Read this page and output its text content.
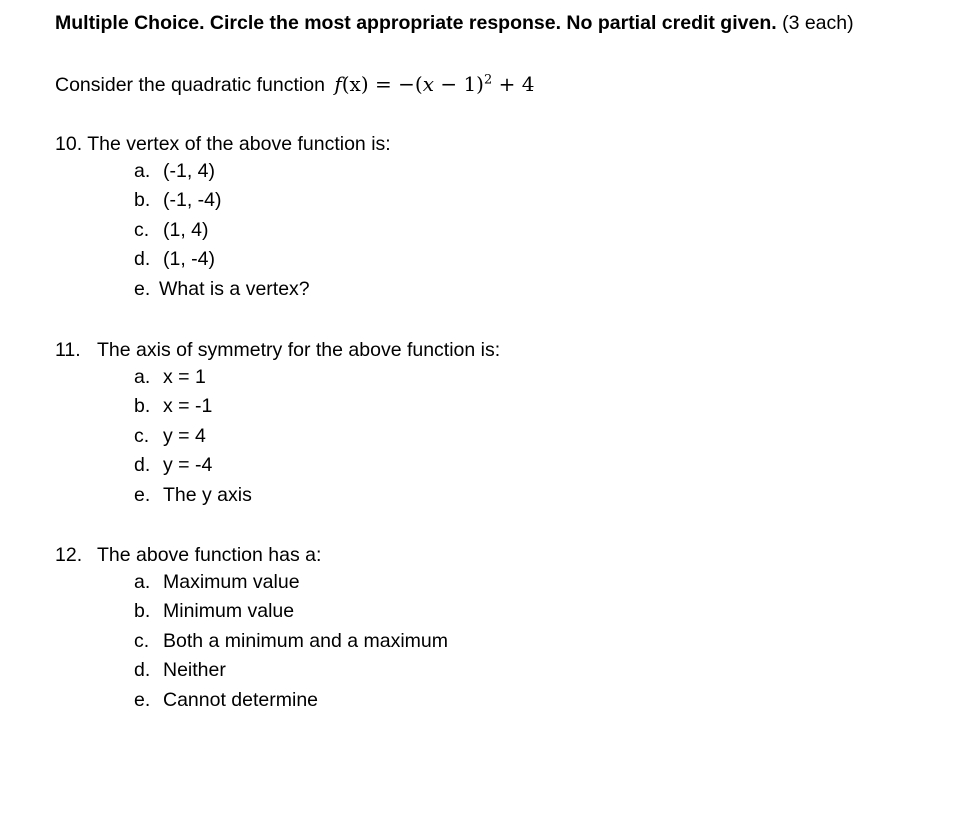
Multiple Choice. Circle the most appropriate response. No partial credit given. (3 each)
Consider the quadratic function $f(x) = -(x - 1)^2 + 4$
10. The vertex of the above function is:
a. (-1, 4)
b. (-1, -4)
c. (1, 4)
d. (1, -4)
e. What is a vertex?
11. The axis of symmetry for the above function is:
a. x = 1
b. x = -1
c. y = 4
d. y = -4
e. The y axis
12. The above function has a:
a. Maximum value
b. Minimum value
c. Both a minimum and a maximum
d. Neither
e. Cannot determine
